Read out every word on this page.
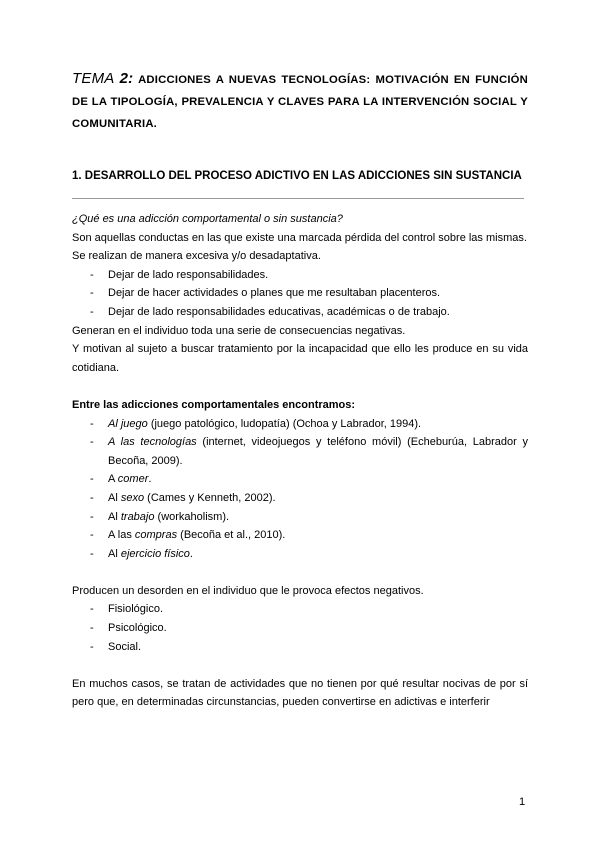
TEMA 2: ADICCIONES A NUEVAS TECNOLOGÍAS: MOTIVACIÓN EN FUNCIÓN DE LA TIPOLOGÍA, PREVALENCIA Y CLAVES PARA LA INTERVENCIÓN SOCIAL Y COMUNITARIA.
1. DESARROLLO DEL PROCESO ADICTIVO EN LAS ADICCIONES SIN SUSTANCIA

¿Qué es una adicción comportamental o sin sustancia?

Son aquellas conductas en las que existe una marcada pérdida del control sobre las mismas.

Se realizan de manera excesiva y/o desadaptativa.

- Dejar de lado responsabilidades.
- Dejar de hacer actividades o planes que me resultaban placenteros.
- Dejar de lado responsabilidades educativas, académicas o de trabajo.

Generan en el individuo toda una serie de consecuencias negativas.

Y motivan al sujeto a buscar tratamiento por la incapacidad que ello les produce en su vida cotidiana.

Entre las adicciones comportamentales encontramos:

- Al juego (juego patológico, ludopatía) (Ochoa y Labrador, 1994).
- A las tecnologías (internet, videojuegos y teléfono móvil) (Echeburúa, Labrador y Becoña, 2009).
- A comer.
- Al sexo (Cames y Kenneth, 2002).
- Al trabajo (workaholism).
- A las compras (Becoña et al., 2010).
- Al ejercicio físico.

Producen un desorden en el individuo que le provoca efectos negativos.

- Fisiológico.
- Psicológico.
- Social.

En muchos casos, se tratan de actividades que no tienen por qué resultar nocivas de por sí pero que, en determinadas circunstancias, pueden convertirse en adictivas e interferir

1
